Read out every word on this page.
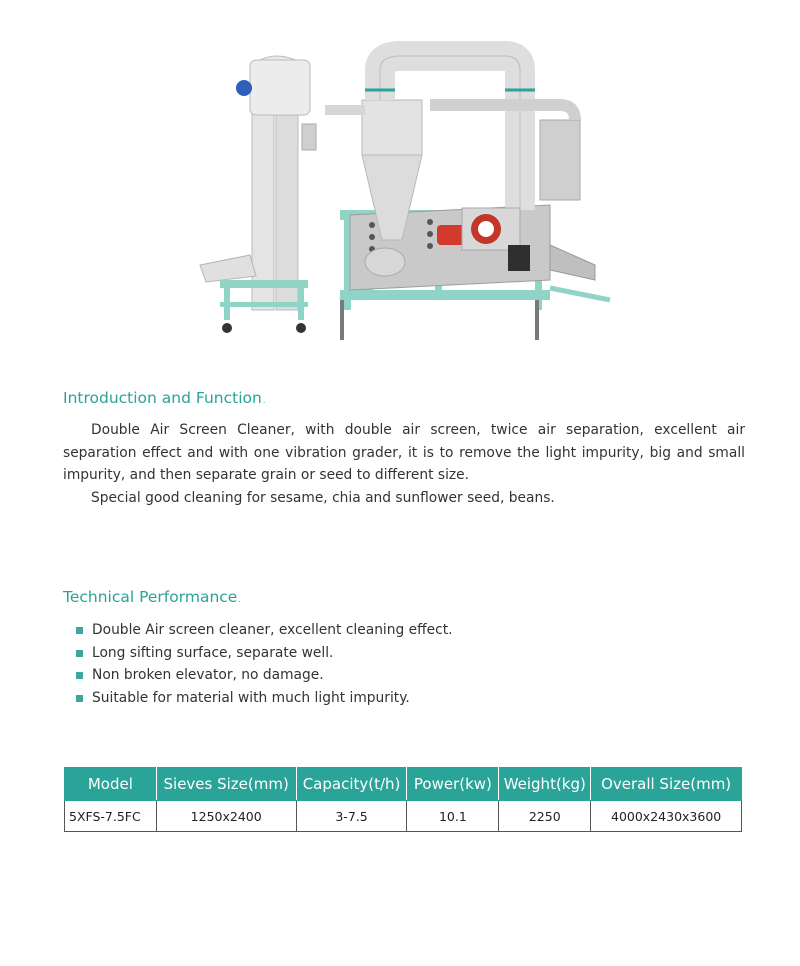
Introduction and Function.

Double Air Screen Cleaner, with double air screen, twice air separation, excellent air separation effect and with one vibration grader, it is to remove the light impurity, big and small impurity, and then separate grain or seed to different size.

Special good cleaning for sesame, chia and sunflower seed, beans.

Technical Performance.
Double Air screen cleaner, excellent cleaning effect.
Long sifting surface, separate well.
Non broken elevator, no damage.
Suitable for material with much light impurity.
Model	Sieves Size(mm)	Capacity(t/h)	Power(kw)	Weight(kg)	Overall Size(mm)
5XFS-7.5FC	1250x2400	3-7.5	10.1	2250	4000x2430x3600
